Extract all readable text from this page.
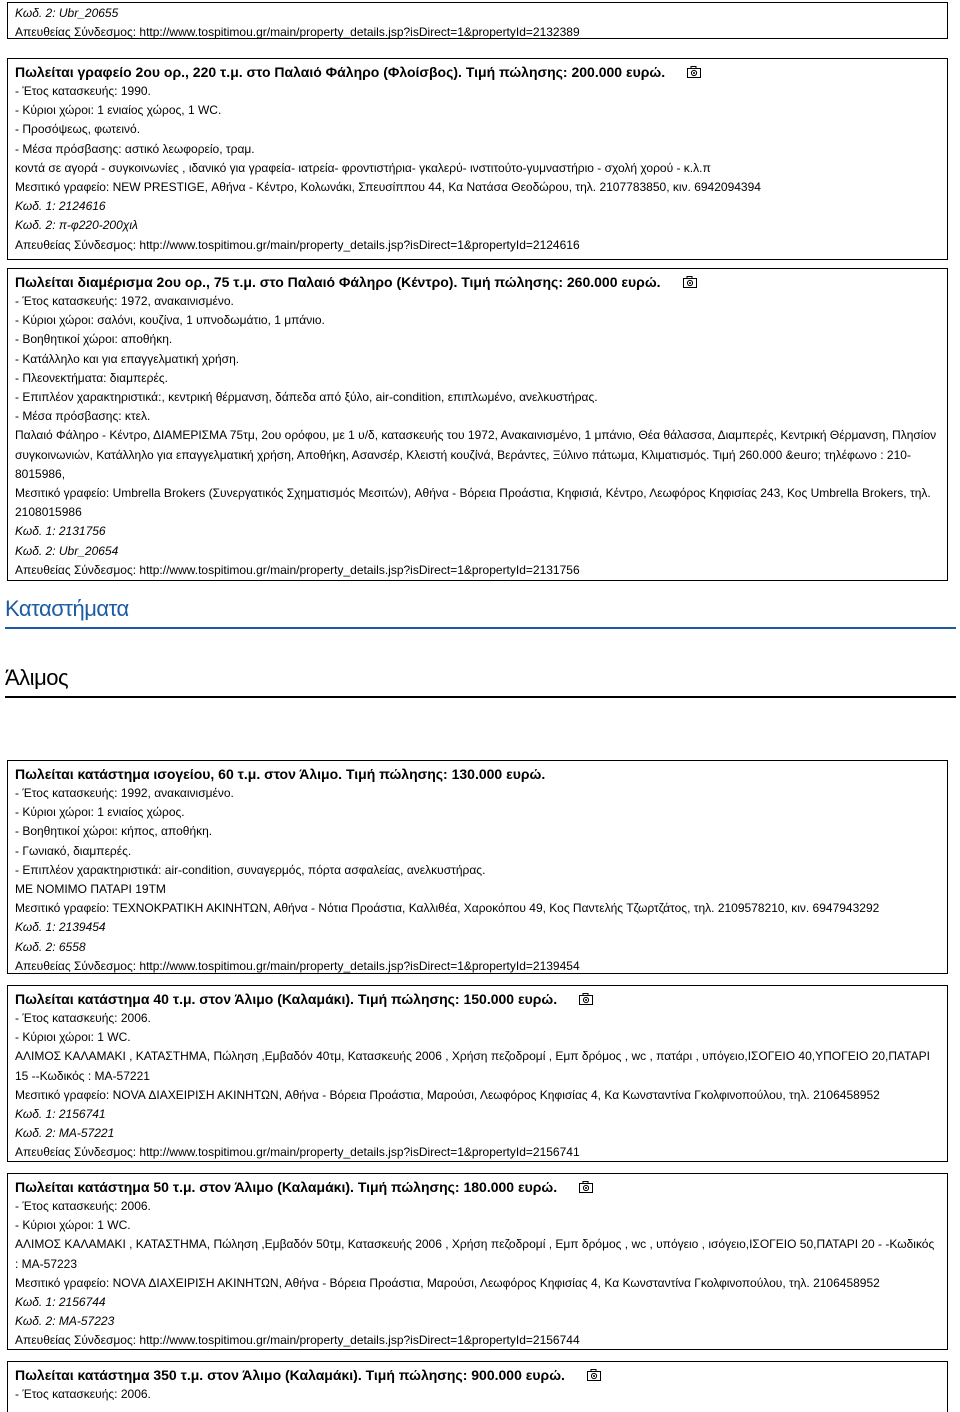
Κωδ. 2: Ubr_20655
Απευθείας Σύνδεσμος: http://www.tospitimou.gr/main/property_details.jsp?isDirect=1&propertyId=2132389
Πωλείται γραφείο 2ου ορ., 220 τ.μ. στο Παλαιό Φάληρο (Φλοίσβος). Τιμή πώλησης: 200.000 ευρώ.
- Έτος κατασκευής: 1990.
- Κύριοι χώροι: 1 ενιαίος χώρος, 1 WC.
- Προσόψεως, φωτεινό.
- Μέσα πρόσβασης: αστικό λεωφορείο, τραμ.
κοντά σε αγορά - συγκοινωνίες , ιδανικό για γραφεία- ιατρεία- φροντιστήρια- γκαλερύ- ινστιτούτο-γυμναστήριο - σχολή χορού - κ.λ.π
Μεσιτικό γραφείο: NEW PRESTIGE, Αθήνα - Κέντρο, Κολωνάκι, Σπευσίππου 44, Κα Νατάσα Θεοδώρου, τηλ. 2107783850, κιν. 6942094394
Κωδ. 1: 2124616
Κωδ. 2: π-φ220-200χιλ
Απευθείας Σύνδεσμος: http://www.tospitimou.gr/main/property_details.jsp?isDirect=1&propertyId=2124616
Πωλείται διαμέρισμα 2ου ορ., 75 τ.μ. στο Παλαιό Φάληρο (Κέντρο). Τιμή πώλησης: 260.000 ευρώ.
- Έτος κατασκευής: 1972, ανακαινισμένο.
- Κύριοι χώροι: σαλόνι, κουζίνα, 1 υπνοδωμάτιο, 1 μπάνιο.
- Βοηθητικοί χώροι: αποθήκη.
- Κατάλληλο και για επαγγελματική χρήση.
- Πλεονεκτήματα: διαμπερές.
- Επιπλέον χαρακτηριστικά:, κεντρική θέρμανση, δάπεδα από ξύλο, air-condition, επιπλωμένο, ανελκυστήρας.
- Μέσα πρόσβασης: κτελ.
Παλαιό Φάληρο - Κέντρο, ΔΙΑΜΕΡΙΣΜΑ 75τμ, 2ου ορόφου, με 1 υ/δ, κατασκευής του 1972, Ανακαινισμένο, 1 μπάνιο, Θέα θάλασσα, Διαμπερές, Κεντρική Θέρμανση, Πλησίον συγκοινωνιών, Κατάλληλο για επαγγελματική χρήση, Αποθήκη, Ασανσέρ, Κλειστή κουζίνά, Βεράντες, Ξύλινο πάτωμα, Κλιματισμός. Τιμή 260.000 &euro; τηλέφωνο : 210-8015986,
Μεσιτικό γραφείο: Umbrella Brokers (Συνεργατικός Σχηματισμός Μεσιτών), Αθήνα - Βόρεια Προάστια, Κηφισιά, Κέντρο, Λεωφόρος Κηφισίας 243, Κος Umbrella Brokers, τηλ. 2108015986
Κωδ. 1: 2131756
Κωδ. 2: Ubr_20654
Απευθείας Σύνδεσμος: http://www.tospitimou.gr/main/property_details.jsp?isDirect=1&propertyId=2131756
Καταστήματα
Άλιμος
Πωλείται κατάστημα ισογείου, 60 τ.μ. στον Άλιμο. Τιμή πώλησης: 130.000 ευρώ.
- Έτος κατασκευής: 1992, ανακαινισμένο.
- Κύριοι χώροι: 1 ενιαίος χώρος.
- Βοηθητικοί χώροι: κήπος, αποθήκη.
- Γωνιακό, διαμπερές.
- Επιπλέον χαρακτηριστικά: air-condition, συναγερμός, πόρτα ασφαλείας, ανελκυστήρας.
ΜΕ ΝΟΜΙΜΟ ΠΑΤΑΡΙ 19ΤΜ
Μεσιτικό γραφείο: ΤΕΧΝΟΚΡΑΤΙΚΗ ΑΚΙΝΗΤΩΝ, Αθήνα - Νότια Προάστια, Καλλιθέα, Χαροκόπου 49, Κος Παντελής Τζωρτζάτος, τηλ. 2109578210, κιν. 6947943292
Κωδ. 1: 2139454
Κωδ. 2: 6558
Απευθείας Σύνδεσμος: http://www.tospitimou.gr/main/property_details.jsp?isDirect=1&propertyId=2139454
Πωλείται κατάστημα 40 τ.μ. στον Άλιμο (Καλαμάκι). Τιμή πώλησης: 150.000 ευρώ.
- Έτος κατασκευής: 2006.
- Κύριοι χώροι: 1 WC.
ΑΛΙΜΟΣ ΚΑΛΑΜΑΚΙ , ΚΑΤΑΣΤΗΜΑ, Πώληση ,Εμβαδόν 40τμ, Κατασκευής 2006 , Χρήση πεζοδρομί , Εμπ δρόμος , wc , πατάρι , υπόγειο,ΙΣΟΓΕΙΟ 40,ΥΠΟΓΕΙΟ 20,ΠΑΤΑΡΙ 15 --Κωδικός : ΜΑ-57221
Μεσιτικό γραφείο: NOVA ΔΙΑΧΕΙΡΙΣΗ ΑΚΙΝΗΤΩΝ, Αθήνα - Βόρεια Προάστια, Μαρούσι, Λεωφόρος Κηφισίας 4, Κα Κωνσταντίνα Γκολφινοπούλου, τηλ. 2106458952
Κωδ. 1: 2156741
Κωδ. 2: ΜΑ-57221
Απευθείας Σύνδεσμος: http://www.tospitimou.gr/main/property_details.jsp?isDirect=1&propertyId=2156741
Πωλείται κατάστημα 50 τ.μ. στον Άλιμο (Καλαμάκι). Τιμή πώλησης: 180.000 ευρώ.
- Έτος κατασκευής: 2006.
- Κύριοι χώροι: 1 WC.
ΑΛΙΜΟΣ ΚΑΛΑΜΑΚΙ , ΚΑΤΑΣΤΗΜΑ, Πώληση ,Εμβαδόν 50τμ, Κατασκευής 2006 , Χρήση πεζοδρομί , Εμπ δρόμος , wc , υπόγειο , ισόγειο,ΙΣΟΓΕΙΟ 50,ΠΑΤΑΡΙ 20 - -Κωδικός : ΜΑ-57223
Μεσιτικό γραφείο: NOVA ΔΙΑΧΕΙΡΙΣΗ ΑΚΙΝΗΤΩΝ, Αθήνα - Βόρεια Προάστια, Μαρούσι, Λεωφόρος Κηφισίας 4, Κα Κωνσταντίνα Γκολφινοπούλου, τηλ. 2106458952
Κωδ. 1: 2156744
Κωδ. 2: ΜΑ-57223
Απευθείας Σύνδεσμος: http://www.tospitimou.gr/main/property_details.jsp?isDirect=1&propertyId=2156744
Πωλείται κατάστημα 350 τ.μ. στον Άλιμο (Καλαμάκι). Τιμή πώλησης: 900.000 ευρώ.
- Έτος κατασκευής: 2006.
